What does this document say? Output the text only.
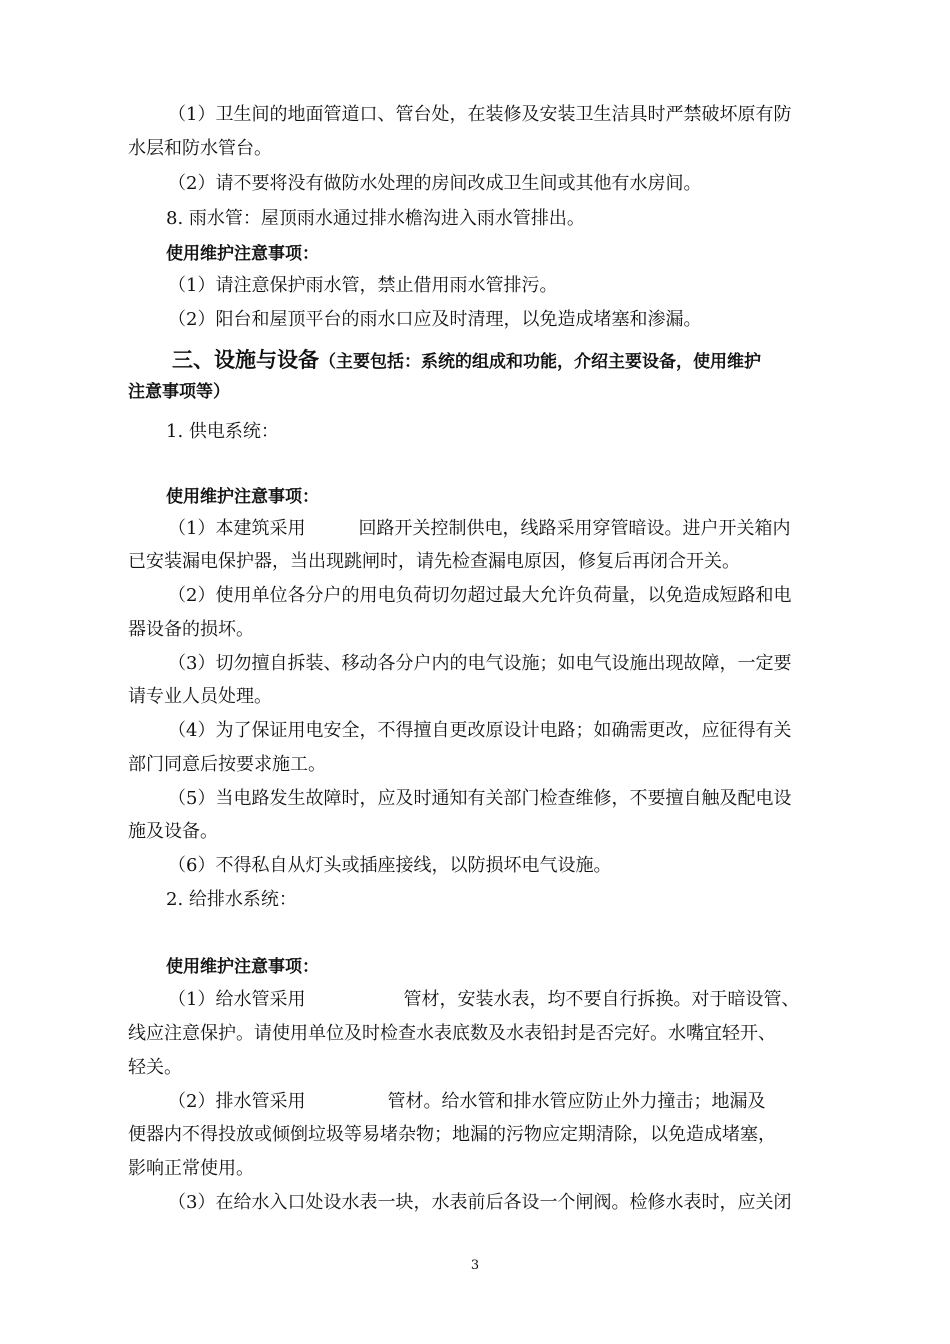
（1）卫生间的地面管道口、管台处，在装修及安装卫生洁具时严禁破坏原有防
水层和防水管台。
（2）请不要将没有做防水处理的房间改成卫生间或其他有水房间。
8. 雨水管：屋顶雨水通过排水檐沟进入雨水管排出。
使用维护注意事项：
（1）请注意保护雨水管，禁止借用雨水管排污。
（2）阳台和屋顶平台的雨水口应及时清理，以免造成堵塞和渗漏。
三、设施与设备（主要包括：系统的组成和功能，介绍主要设备，使用维护
注意事项等）
1. 供电系统：
使用维护注意事项：
（1）本建筑采用	回路开关控制供电，线路采用穿管暗设。进户开关箱内
已安装漏电保护器，当出现跳闸时，请先检查漏电原因，修复后再闭合开关。
（2）使用单位各分户的用电负荷切勿超过最大允许负荷量，以免造成短路和电
器设备的损坏。
（3）切勿擅自拆装、移动各分户内的电气设施；如电气设施出现故障，一定要
请专业人员处理。
（4）为了保证用电安全，不得擅自更改原设计电路；如确需更改，应征得有关
部门同意后按要求施工。
（5）当电路发生故障时，应及时通知有关部门检查维修，不要擅自触及配电设
施及设备。
（6）不得私自从灯头或插座接线，以防损坏电气设施。
2. 给排水系统：
使用维护注意事项：
（1）给水管采用	管材，安装水表，均不要自行拆换。对于暗设管、
线应注意保护。请使用单位及时检查水表底数及水表铅封是否完好。水嘴宜轻开、
轻关。
（2）排水管采用	管材。给水管和排水管应防止外力撞击；地漏及
便器内不得投放或倾倒垃圾等易堵杂物；地漏的污物应定期清除，以免造成堵塞，
影响正常使用。
（3）在给水入口处设水表一块，水表前后各设一个闸阀。检修水表时，应关闭
3
